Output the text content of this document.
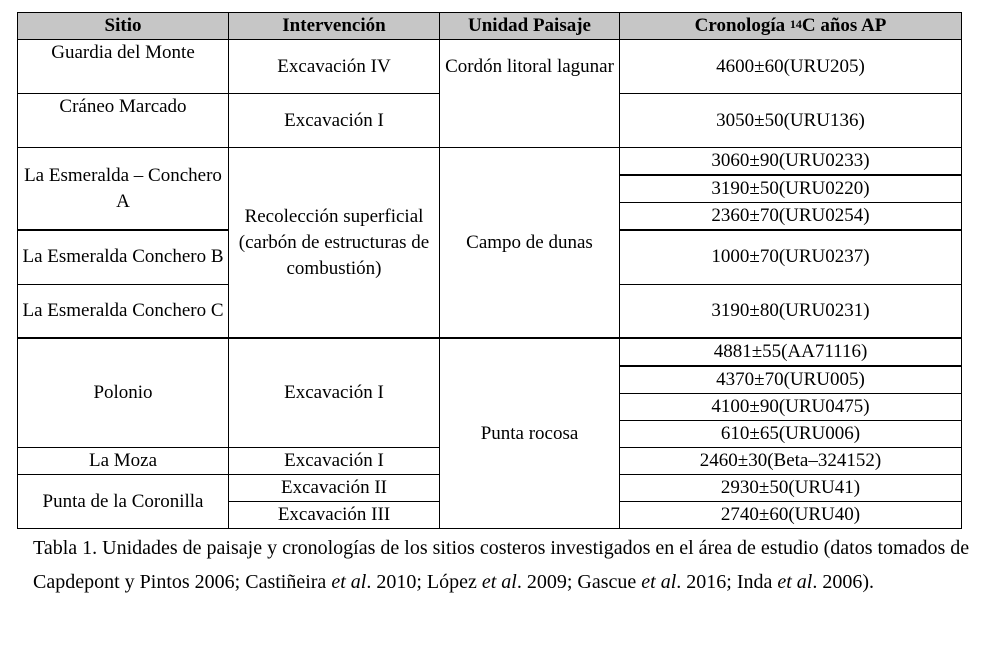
Sitio	Intervención	Unidad Paisaje	Cronología $^{14}$C años AP
Guardia del Monte	Excavación IV	Cordón litoral lagunar	4600±60(URU205)
Cráneo Marcado	Excavación I		3050±50(URU136)
La Esmeralda – Conchero A	Recolección superficial (carbón de estructuras de combustión)	Campo de dunas	3060±90(URU0233)
			3190±50(URU0220)
			2360±70(URU0254)
La Esmeralda Conchero B			1000±70(URU0237)
La Esmeralda Conchero C			3190±80(URU0231)
Polonio	Excavación I	Punta rocosa	4881±55(AA71116)
			4370±70(URU005)
			4100±90(URU0475)
			610±65(URU006)
La Moza	Excavación I		2460±30(Beta–324152)
Punta de la Coronilla	Excavación II		2930±50(URU41)
	Excavación III		2740±60(URU40)
Tabla 1. Unidades de paisaje y cronologías de los sitios costeros investigados en el área de estudio (datos tomados de Capdepont y Pintos 2006; Castiñeira et al. 2010; López et al. 2009; Gascue et al. 2016; Inda et al. 2006).
